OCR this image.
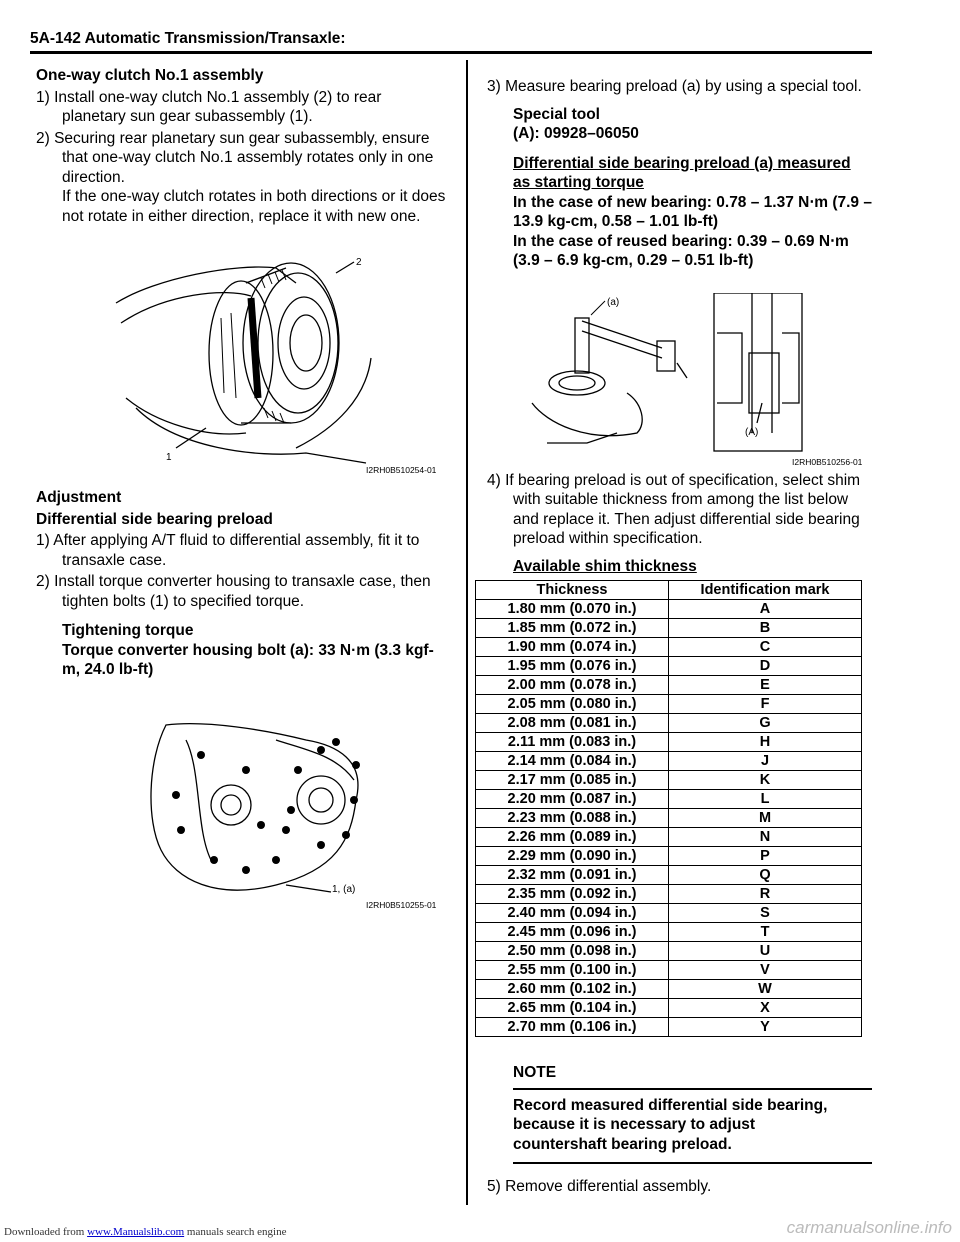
5A-142 Automatic Transmission/Transaxle:

One-way clutch No.1 assembly

1) Install one-way clutch No.1 assembly (2) to rear planetary sun gear subassembly (1).

2) Securing rear planetary sun gear subassembly, ensure that one-way clutch No.1 assembly rotates only in one direction.

If the one-way clutch rotates in both directions or it does not rotate in either direction, replace it with new one.

2
1
I2RH0B510254-01

Adjustment

Differential side bearing preload

1) After applying A/T fluid to differential assembly, fit it to transaxle case.

2) Install torque converter housing to transaxle case, then tighten bolts (1) to specified torque.

Tightening torque

Torque converter housing bolt (a): 33 N·m (3.3 kgf-m, 24.0 lb-ft)

1, (a)
I2RH0B510255-01

3) Measure bearing preload (a) by using a special tool.

Special tool

(A): 09928–06050

Differential side bearing preload (a) measured as starting torque

In the case of new bearing: 0.78 – 1.37 N⋅m (7.9 – 13.9 kg-cm, 0.58 – 1.01 lb-ft)

In the case of reused bearing: 0.39 – 0.69 N⋅m (3.9 – 6.9 kg-cm, 0.29 – 0.51 lb-ft)

(a)
(A)
I2RH0B510256-01

4) If bearing preload is out of specification, select shim with suitable thickness from among the list below and replace it. Then adjust differential side bearing preload within specification.

Available shim thickness

Thickness	Identification mark
1.80 mm (0.070 in.)	A
1.85 mm (0.072 in.)	B
1.90 mm (0.074 in.)	C
1.95 mm (0.076 in.)	D
2.00 mm (0.078 in.)	E
2.05 mm (0.080 in.)	F
2.08 mm (0.081 in.)	G
2.11 mm (0.083 in.)	H
2.14 mm (0.084 in.)	J
2.17 mm (0.085 in.)	K
2.20 mm (0.087 in.)	L
2.23 mm (0.088 in.)	M
2.26 mm (0.089 in.)	N
2.29 mm (0.090 in.)	P
2.32 mm (0.091 in.)	Q
2.35 mm (0.092 in.)	R
2.40 mm (0.094 in.)	S
2.45 mm (0.096 in.)	T
2.50 mm (0.098 in.)	U
2.55 mm (0.100 in.)	V
2.60 mm (0.102 in.)	W
2.65 mm (0.104 in.)	X
2.70 mm (0.106 in.)	Y

NOTE

Record measured differential side bearing, because it is necessary to adjust countershaft bearing preload.

5) Remove differential assembly.

Downloaded from www.Manualslib.com manuals search engine	carmanualsonline.info
